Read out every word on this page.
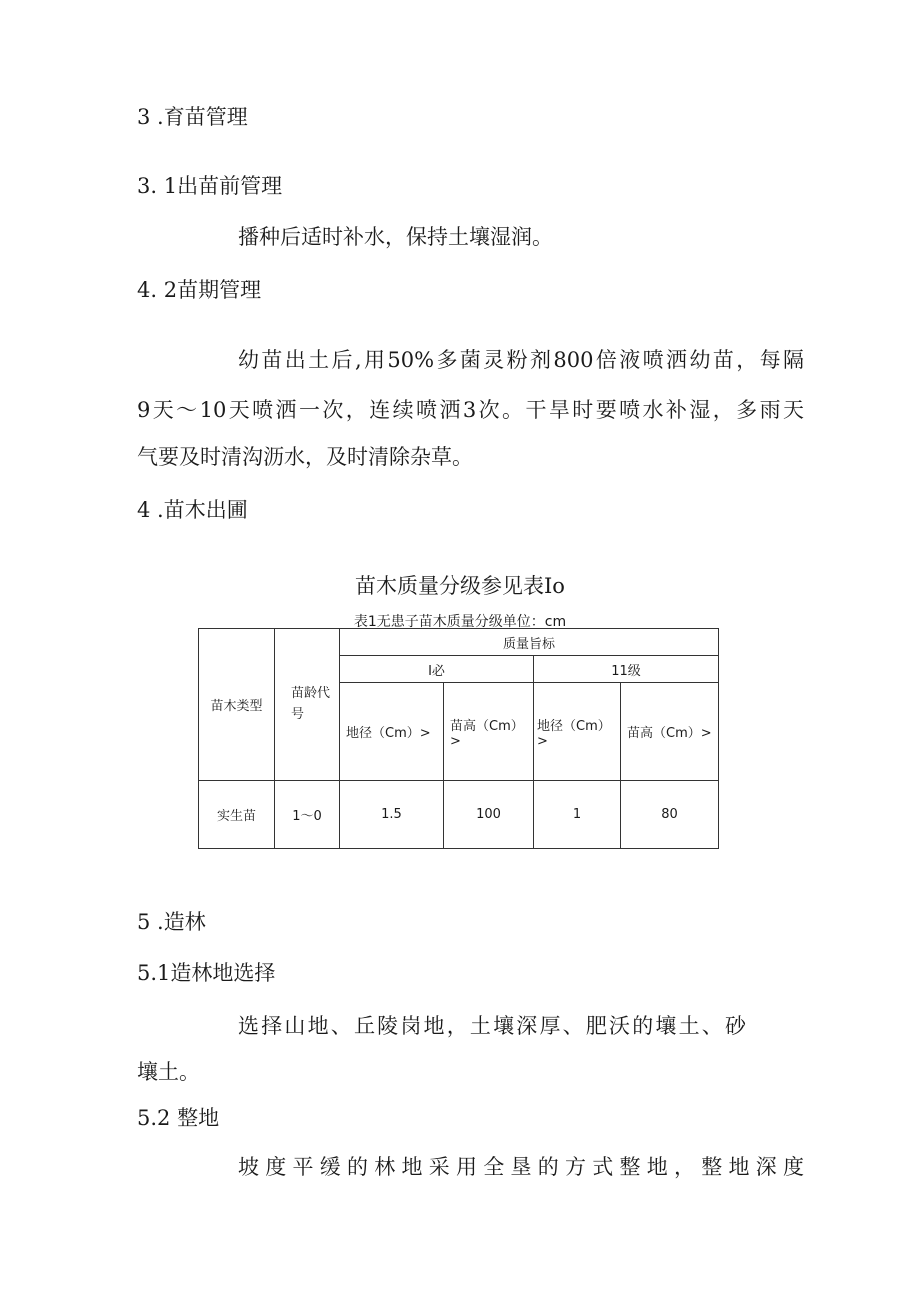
3 .育苗管理
3. 1出苗前管理
播种后适时补水，保持土壤湿润。
4. 2苗期管理
幼苗出土后,用50%多菌灵粉剂800倍液喷洒幼苗，每隔
9天～10天喷洒一次，连续喷洒3次。干旱时要喷水补湿，多雨天
气要及时清沟沥水，及时清除杂草。
4 .苗木出圃
苗木质量分级参见表Io
表1无患子苗木质量分级单位：cm
苗木类型	苗龄代号	质量旨标			
		I必		11级	
		地径（Cm）>	苗高（Cm）>	地径（Cm）>	苗高（Cm）>
实生苗	1～0	1.5	100	1	80
5 .造林
5.1造林地选择
选择山地、丘陵岗地，土壤深厚、肥沃的壤土、砂
壤土。
5.2 整地
坡度平缓的林地采用全垦的方式整地，整地深度
